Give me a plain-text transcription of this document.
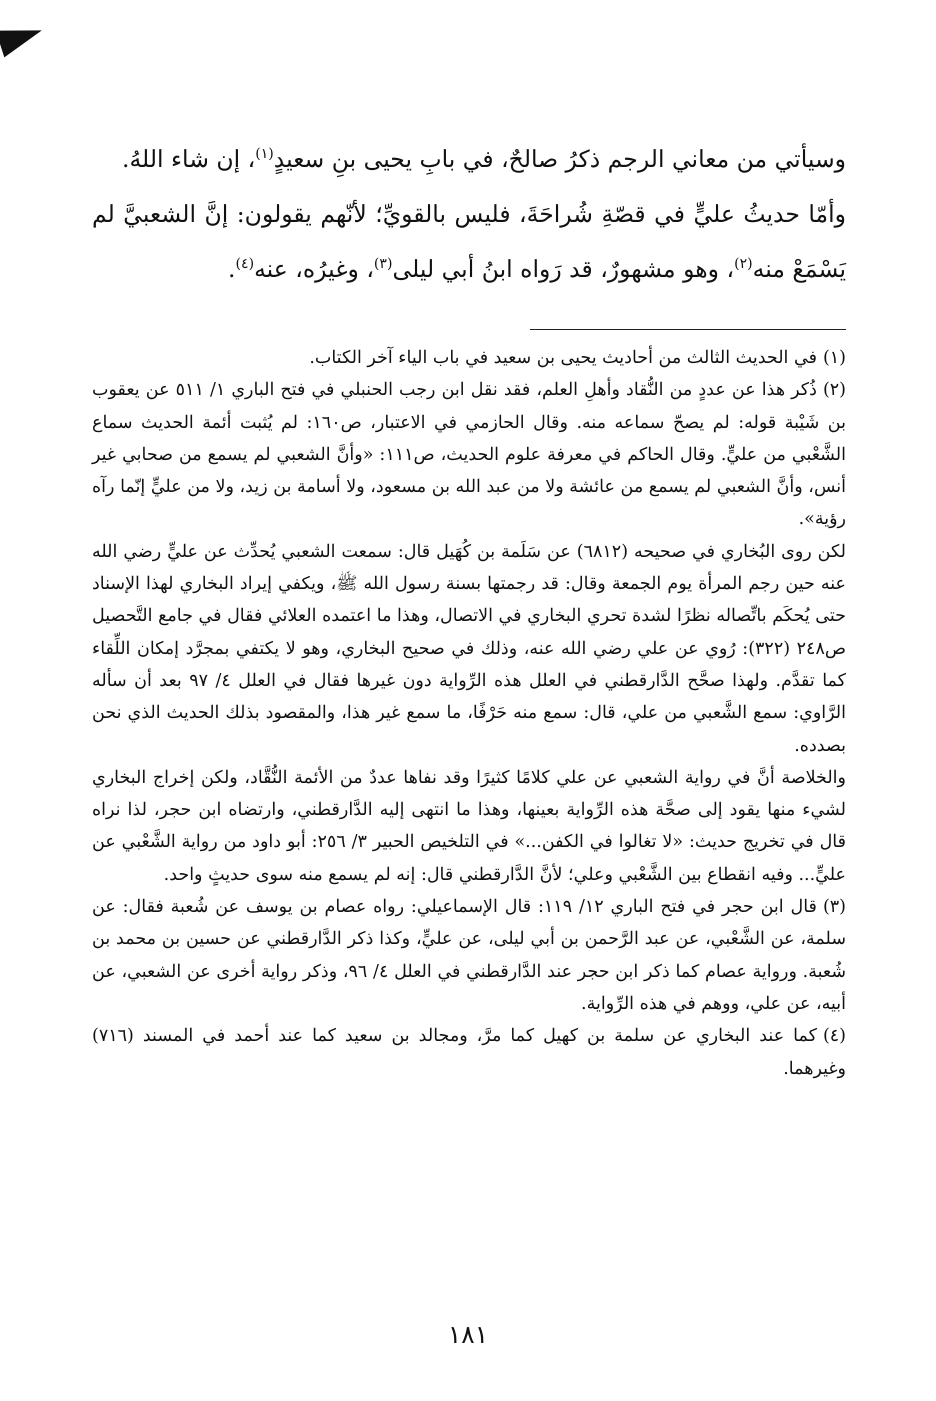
وسيأتي من معاني الرجم ذكرُ صالحٌ، في بابِ يحيى بنِ سعيدٍ$^{(١)}$، إن شاء اللهُ.

وأمّا حديثُ عليٍّ في قصّةِ شُراحَةَ، فليس بالقويِّ؛ لأنّهم يقولون: إنَّ الشعبيَّ لم يَسْمَعْ منه$^{(٢)}$، وهو مشهورٌ، قد رَواه ابنُ أبي ليلى$^{(٣)}$، وغيرُه، عنه$^{(٤)}$.

(١)في الحديث الثالث من أحاديث يحيى بن سعيد في باب الياء آخر الكتاب.

(٢)ذُكر هذا عن عددٍ من النُّقاد وأهلِ العلم، فقد نقل ابن رجب الحنبلي في فتح الباري ١/ ٥١١ عن يعقوب بن شَيْبة قوله: لم يصحّ سماعه منه. وقال الحازمي في الاعتبار، ص١٦٠: لم يُثبت أئمة الحديث سماع الشَّعْبي من عليٍّ. وقال الحاكم في معرفة علوم الحديث، ص١١١: «وأنَّ الشعبي لم يسمع من صحابي غير أنس، وأنَّ الشعبي لم يسمع من عائشة ولا من عبد الله بن مسعود، ولا أسامة بن زيد، ولا من عليٍّ إنّما رآه رؤية».

لكن روى البُخاري في صحيحه (٦٨١٢) عن سَلَمة بن كُهَيل قال: سمعت الشعبي يُحدِّث عن عليٍّ رضي الله عنه حين رجم المرأة يوم الجمعة وقال: قد رجمتها بسنة رسول الله ﷺ، ويكفي إيراد البخاري لهذا الإسناد حتى يُحكَم باتِّصاله نظرًا لشدة تحري البخاري في الاتصال، وهذا ما اعتمده العلائي فقال في جامع التَّحصيل ص٢٤٨ (٣٢٢): رُوي عن علي رضي الله عنه، وذلك في صحيح البخاري، وهو لا يكتفي بمجرَّد إمكان اللِّقاء كما تقدَّم. ولهذا صحَّح الدَّارقطني في العلل هذه الرِّواية دون غيرها فقال في العلل ٤/ ٩٧ بعد أن سأله الرَّاوي: سمع الشَّعبي من علي، قال: سمع منه حَرْفًا، ما سمع غير هذا، والمقصود بذلك الحديث الذي نحن بصدده.

والخلاصة أنَّ في رواية الشعبي عن علي كلامًا كثيرًا وقد نفاها عددٌ من الأئمة النُّقَّاد، ولكن إخراج البخاري لشيء منها يقود إلى صحَّة هذه الرِّواية بعينها، وهذا ما انتهى إليه الدَّارقطني، وارتضاه ابن حجر، لذا نراه قال في تخريج حديث: «لا تغالوا في الكفن...» في التلخيص الحبير ٣/ ٢٥٦: أبو داود من رواية الشَّعْبي عن عليٍّ... وفيه انقطاع بين الشَّعْبي وعلي؛ لأنَّ الدَّارقطني قال: إنه لم يسمع منه سوى حديثٍ واحد.

(٣)قال ابن حجر في فتح الباري ١٢/ ١١٩: قال الإسماعيلي: رواه عصام بن يوسف عن شُعبة فقال: عن سلمة، عن الشَّعْبي، عن عبد الرَّحمن بن أبي ليلى، عن عليٍّ، وكذا ذكر الدَّارقطني عن حسين بن محمد بن شُعبة. ورواية عصام كما ذكر ابن حجر عند الدَّارقطني في العلل ٤/ ٩٦، وذكر رواية أخرى عن الشعبي، عن أبيه، عن علي، ووهم في هذه الرِّواية.

(٤)كما عند البخاري عن سلمة بن كهيل كما مرَّ، ومجالد بن سعيد كما عند أحمد في المسند (٧١٦) وغيرهما.

١٨١
